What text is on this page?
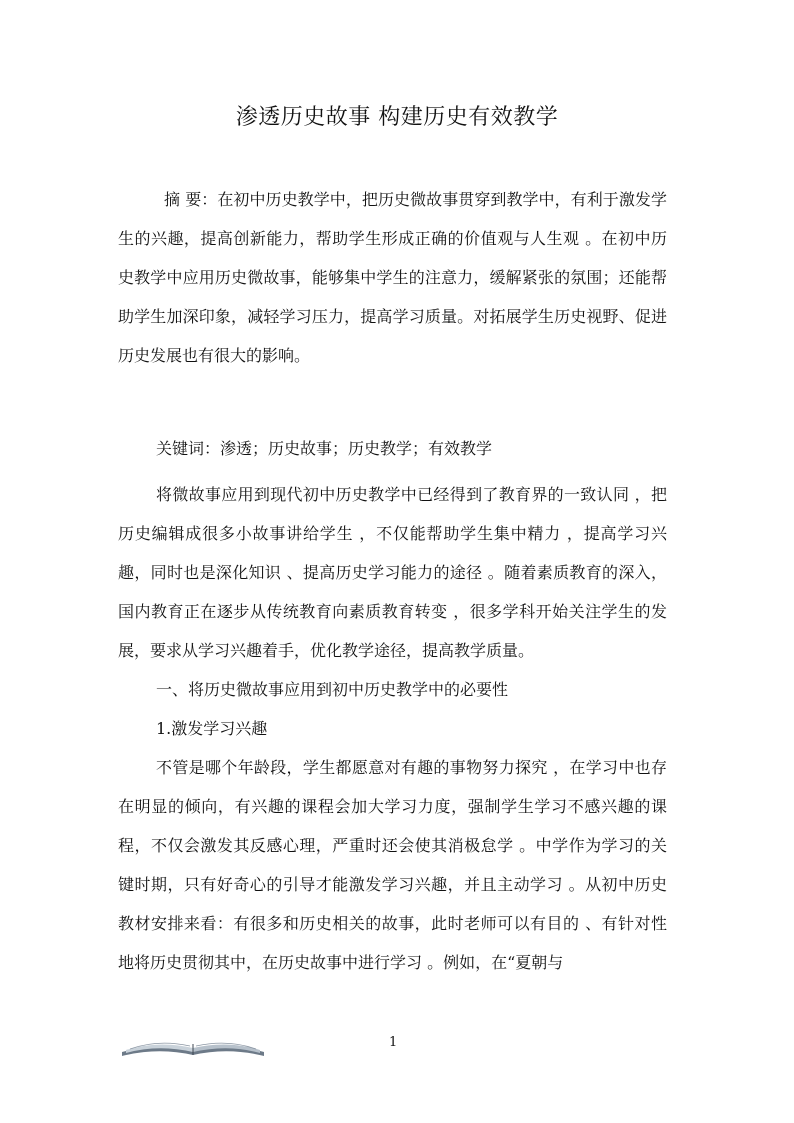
渗透历史故事 构建历史有效教学

摘 要：在初中历史教学中，把历史微故事贯穿到教学中，有利于激发学生的兴趣，提高创新能力，帮助学生形成正确的价值观与人生观 。在初中历史教学中应用历史微故事，能够集中学生的注意力，缓解紧张的氛围；还能帮助学生加深印象，减轻学习压力，提高学习质量。对拓展学生历史视野、促进历史发展也有很大的影响。

关键词：渗透；历史故事；历史教学；有效教学

将微故事应用到现代初中历史教学中已经得到了教育界的一致认同 ，把历史编辑成很多小故事讲给学生 ，不仅能帮助学生集中精力 ，提高学习兴趣，同时也是深化知识 、提高历史学习能力的途径 。随着素质教育的深入，国内教育正在逐步从传统教育向素质教育转变 ，很多学科开始关注学生的发展，要求从学习兴趣着手，优化教学途径，提高教学质量。

一、将历史微故事应用到初中历史教学中的必要性

1.激发学习兴趣

不管是哪个年龄段，学生都愿意对有趣的事物努力探究 ，在学习中也存在明显的倾向，有兴趣的课程会加大学习力度，强制学生学习不感兴趣的课程，不仅会激发其反感心理，严重时还会使其消极怠学 。中学作为学习的关键时期，只有好奇心的引导才能激发学习兴趣，并且主动学习 。从初中历史教材安排来看：有很多和历史相关的故事，此时老师可以有目的 、有针对性地将历史贯彻其中，在历史故事中进行学习 。例如，在“夏朝与

1
